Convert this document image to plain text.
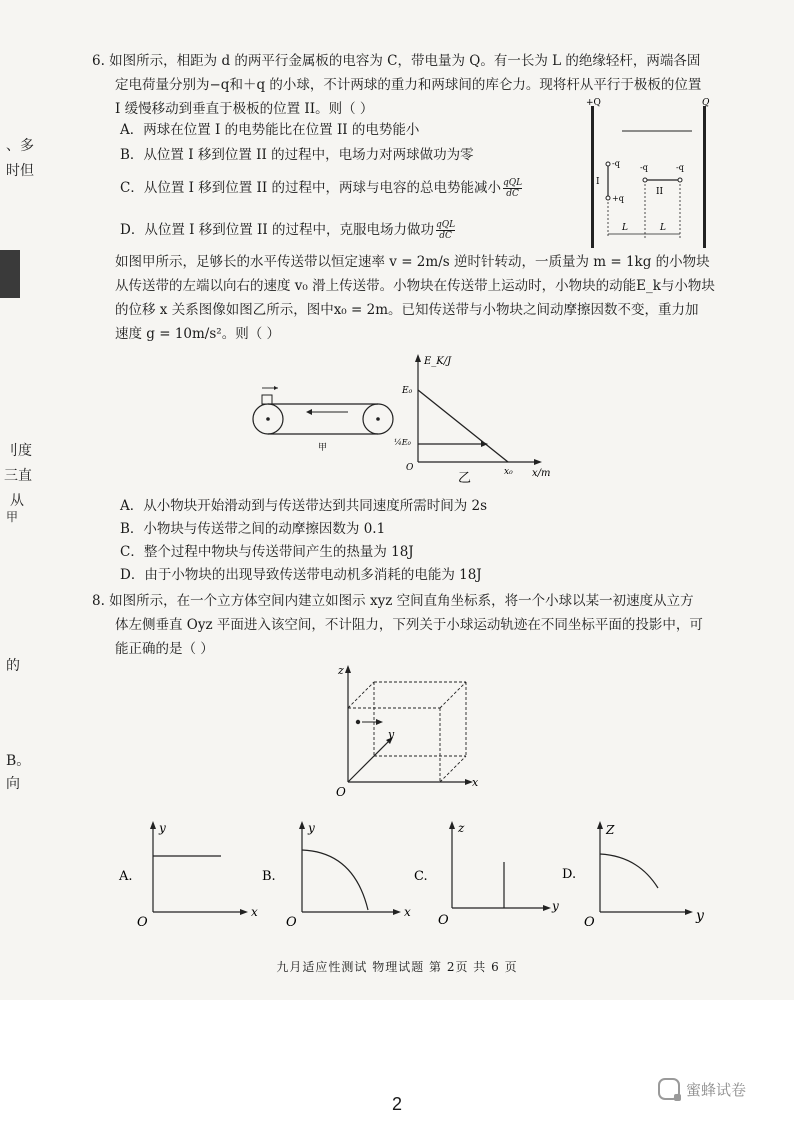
、多
时但
刂度
三直
从
甲
的
B。
向
6. 如图所示，相距为 d 的两平行金属板的电容为 C，带电量为 Q。有一长为 L 的绝缘轻杆，两端各固
定电荷量分别为−q和＋q 的小球，不计两球的重力和两球间的库仑力。现将杆从平行于极板的位置
I 缓慢移动到垂直于极板的位置 II。则（ ）
A．两球在位置 I 的电势能比在位置 II 的电势能小
B．从位置 I 移到位置 II 的过程中，电场力对两球做功为零
C．从位置 I 移到位置 II 的过程中，两球与电容的总电势能减小 qQL
dC
D．从位置 I 移到位置 II 的过程中，克服电场力做功 qQL
dC
+Q	Q
-q
+q
I
-q	-q
II
L	L
如图甲所示，足够长的水平传送带以恒定速率 v = 2m/s 逆时针转动，一质量为 m = 1kg 的小物块
从传送带的左端以向右的速度 v₀ 滑上传送带。小物块在传送带上运动时，小物块的动能E_k与小物块
的位移 x 关系图像如图乙所示，图中x₀ = 2m。已知传送带与小物块之间动摩擦因数不变，重力加
速度 g = 10m/s²。则（ ）
甲
E_K/J
E₀
¼E₀
O	x₀ x/m
乙
A．从小物块开始滑动到与传送带达到共同速度所需时间为 2s
B．小物块与传送带之间的动摩擦因数为 0.1
C．整个过程中物块与传送带间产生的热量为 18J
D．由于小物块的出现导致传送带电动机多消耗的电能为 18J
8. 如图所示，在一个立方体空间内建立如图示 xyz 空间直角坐标系，将一个小球以某一初速度从立方
体左侧垂直 Oyz 平面进入该空间，不计阻力，下列关于小球运动轨迹在不同坐标平面的投影中，可
能正确的是（ ）
z
y
x
O
A.
y
x
O
B.
y
x
O
C.
z
y
O
D.
Z
y
O
九月适应性测试 物理试题 第 2页 共 6 页
2
蜜蜂试卷
